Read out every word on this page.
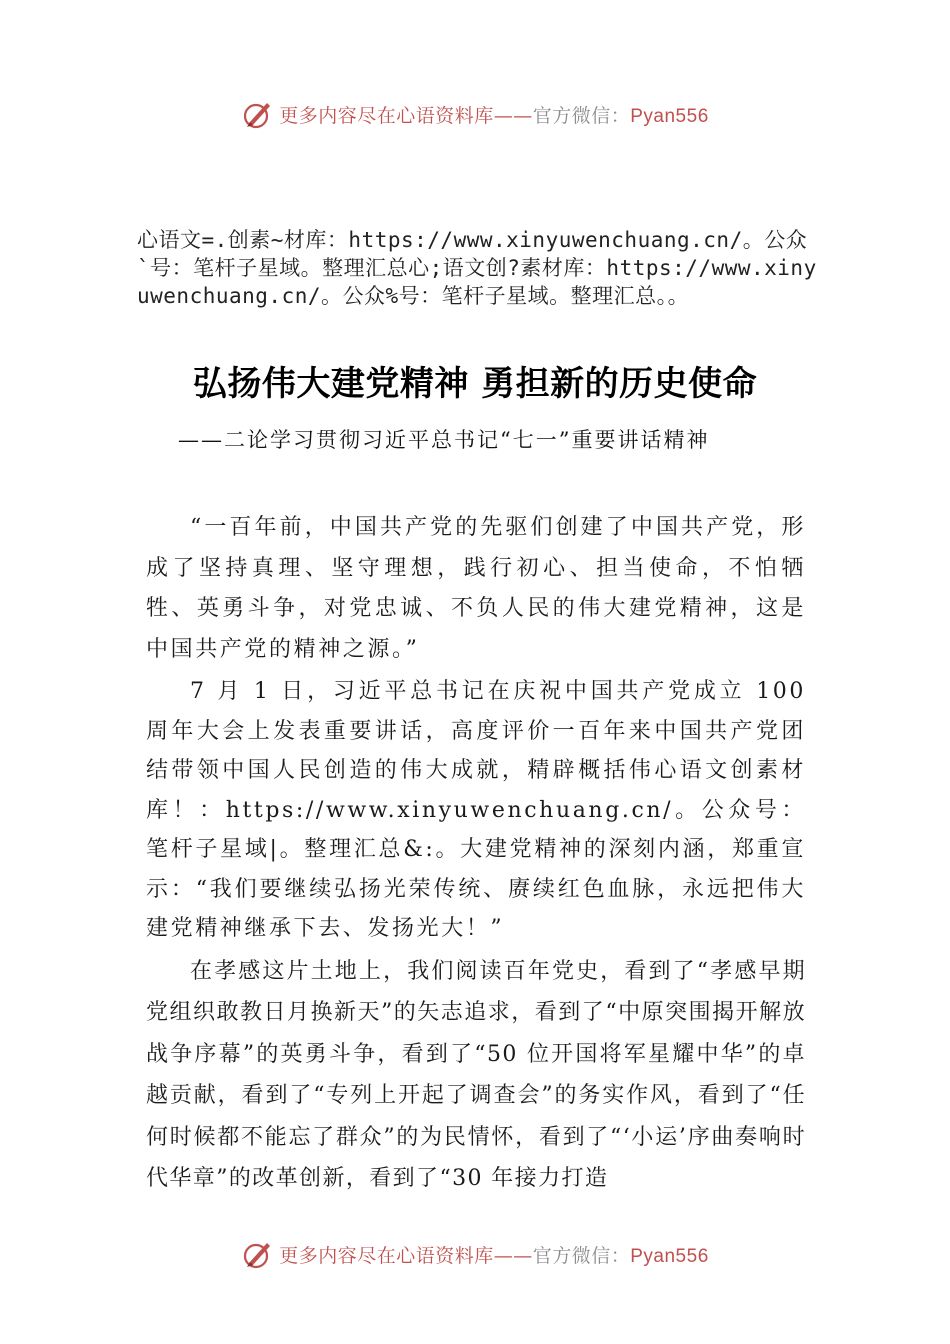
更多内容尽在心语资料库——官方微信：Pyan556
心语文=.创素~材库：https://www.xinyuwenchuang.cn/。公众`号：笔杆子星域。整理汇总心;语文创?素材库：https://www.xinyuwenchuang.cn/。公众%号：笔杆子星域。整理汇总。。
弘扬伟大建党精神 勇担新的历史使命
——二论学习贯彻习近平总书记“七一”重要讲话精神

“一百年前，中国共产党的先驱们创建了中国共产党，形成了坚持真理、坚守理想，践行初心、担当使命，不怕牺牲、英勇斗争，对党忠诚、不负人民的伟大建党精神，这是中国共产党的精神之源。”

7 月 1 日，习近平总书记在庆祝中国共产党成立 100 周年大会上发表重要讲话，高度评价一百年来中国共产党团结带领中国人民创造的伟大成就，精辟概括伟心语文创素材库！：https://www.xinyuwenchuang.cn/。公众号：笔杆子星域|。整理汇总&:。大建党精神的深刻内涵，郑重宣示：“我们要继续弘扬光荣传统、赓续红色血脉，永远把伟大建党精神继承下去、发扬光大！”

在孝感这片土地上，我们阅读百年党史，看到了“孝感早期党组织敢教日月换新天”的矢志追求，看到了“中原突围揭开解放战争序幕”的英勇斗争，看到了“50 位开国将军星耀中华”的卓越贡献，看到了“专列上开起了调查会”的务实作风，看到了“任何时候都不能忘了群众”的为民情怀，看到了“‘小运’序曲奏响时代华章”的改革创新，看到了“30 年接力打造

更多内容尽在心语资料库——官方微信：Pyan556
